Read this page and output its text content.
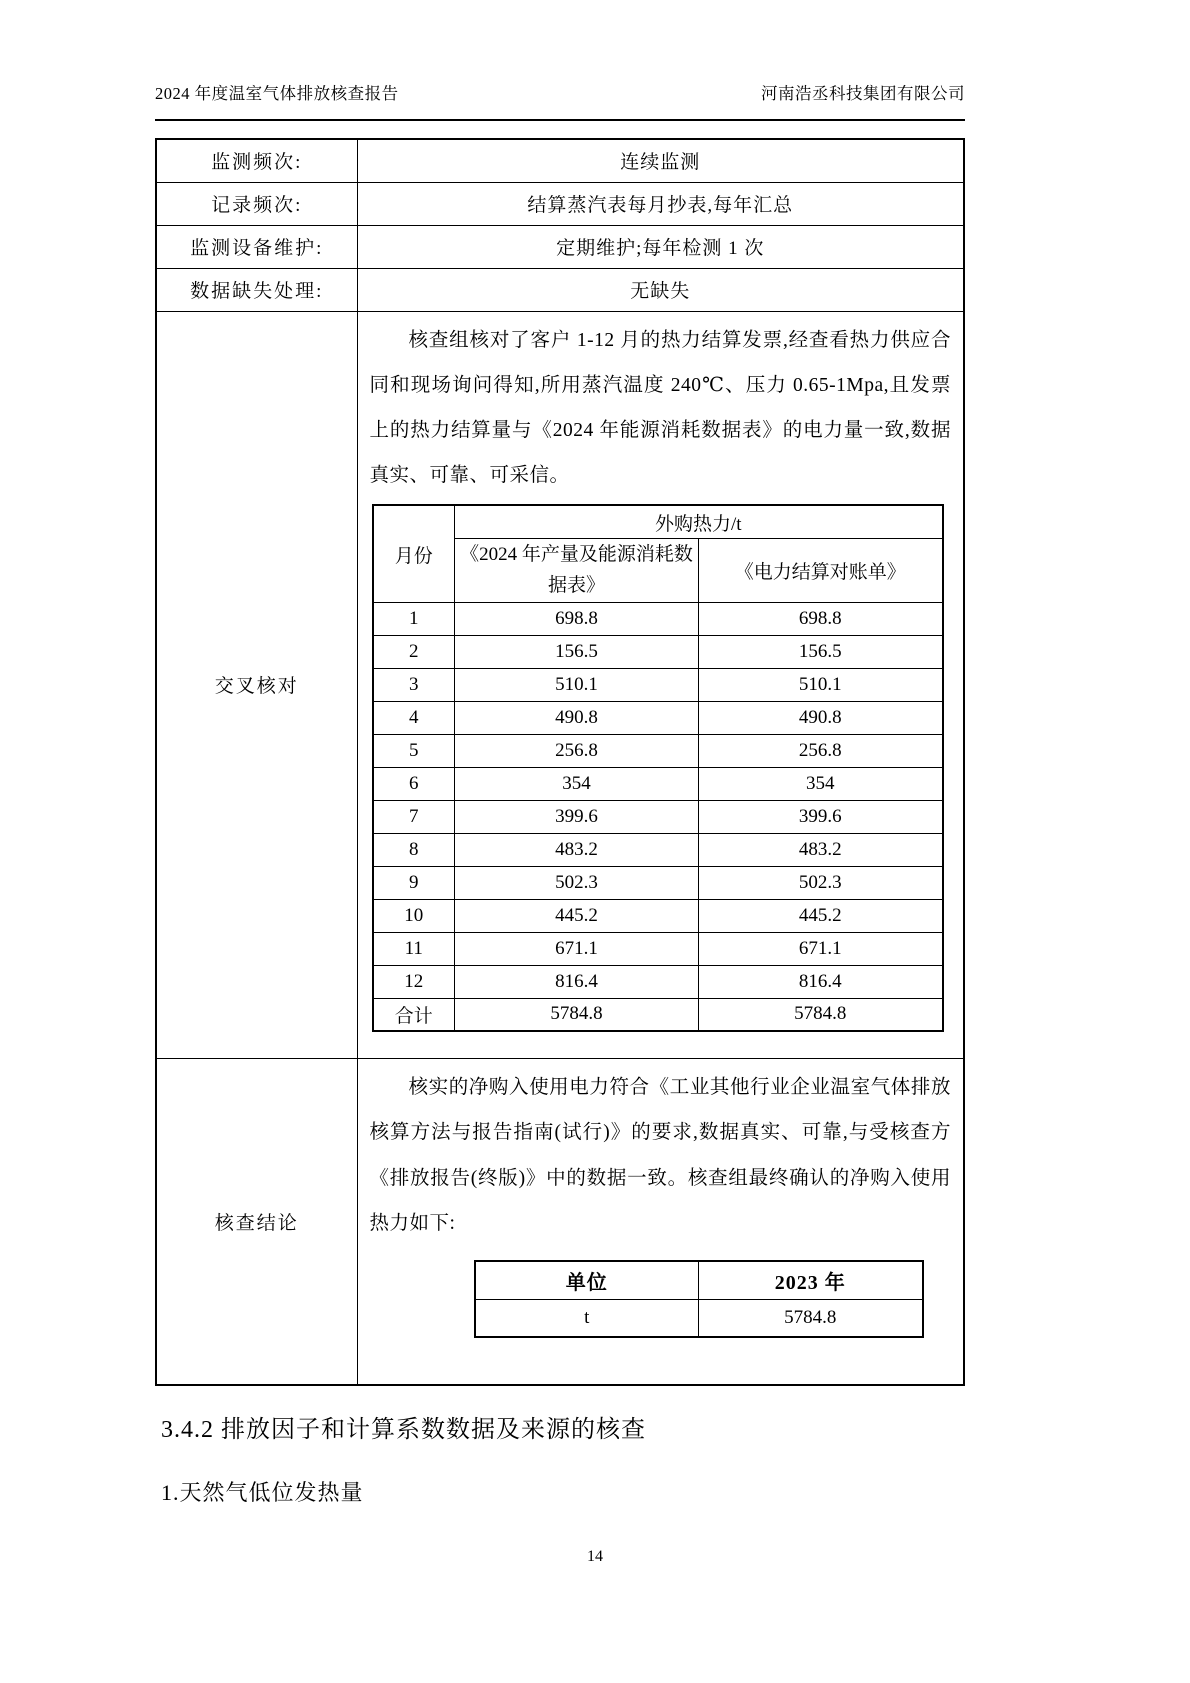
2024 年度温室气体排放核查报告	河南浩丞科技集团有限公司
监测频次:	连续监测
记录频次:	结算蒸汽表每月抄表,每年汇总
监测设备维护:	定期维护;每年检测 1 次
数据缺失处理:	无缺失
交叉核对	

核查组核对了客户 1-12 月的热力结算发票,经查看热力供应合同和现场询问得知,所用蒸汽温度 240℃、压力 0.65-1Mpa,且发票上的热力结算量与《2024 年能源消耗数据表》的电力量一致,数据真实、可靠、可采信。

月份	外购热力/t
《2024 年产量及能源消耗数据表》	《电力结算对账单》
1	698.8	698.8
2	156.5	156.5
3	510.1	510.1
4	490.8	490.8
5	256.8	256.8
6	354	354
7	399.6	399.6
8	483.2	483.2
9	502.3	502.3
10	445.2	445.2
11	671.1	671.1
12	816.4	816.4
合计	5784.8	5784.8

核查结论	

核实的净购入使用电力符合《工业其他行业企业温室气体排放核算方法与报告指南(试行)》的要求,数据真实、可靠,与受核查方《排放报告(终版)》中的数据一致。核查组最终确认的净购入使用热力如下:

单位	2023 年
t	5784.8
3.4.2 排放因子和计算系数数据及来源的核查
1.天然气低位发热量
14
